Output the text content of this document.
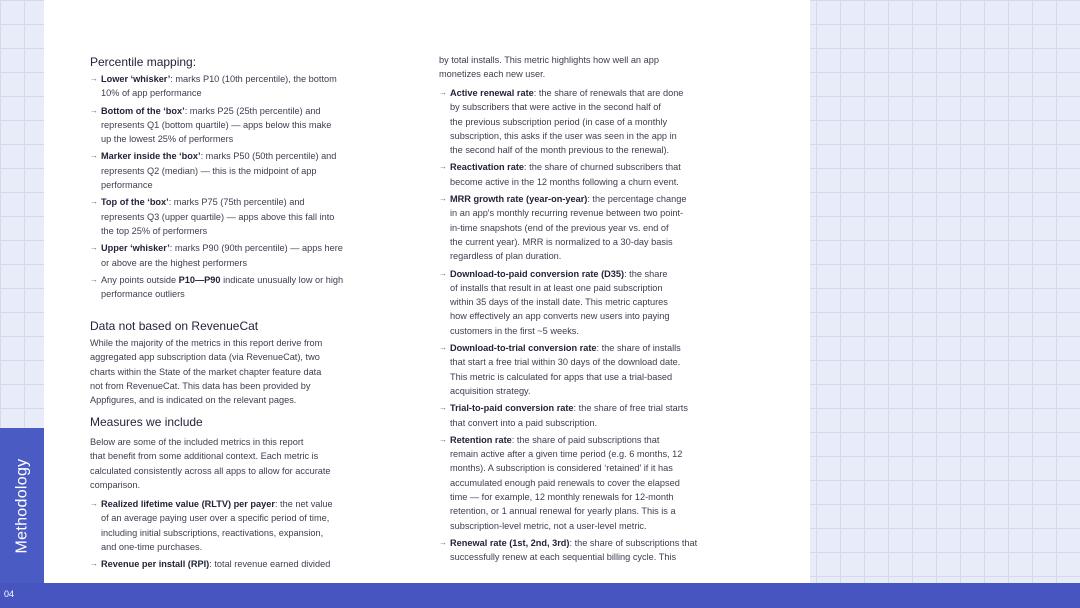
Percentile mapping:

→ Lower ‘whisker’: marks P10 (10th percentile), the bottom
10% of app performance
→ Bottom of the ‘box’: marks P25 (25th percentile) and
represents Q1 (bottom quartile) — apps below this make
up the lowest 25% of performers
→ Marker inside the ‘box’: marks P50 (50th percentile) and
represents Q2 (median) — this is the midpoint of app
performance
→ Top of the ‘box’: marks P75 (75th percentile) and
represents Q3 (upper quartile) — apps above this fall into
the top 25% of performers
→ Upper ‘whisker’: marks P90 (90th percentile) — apps here
or above are the highest performers
→ Any points outside P10—P90 indicate unusually low or high
performance outliers

Data not based on RevenueCat

While the majority of the metrics in this report derive from

aggregated app subscription data (via RevenueCat), two

charts within the State of the market chapter feature data

not from RevenueCat. This data has been provided by

Appfigures, and is indicated on the relevant pages.

Measures we include

Below are some of the included metrics in this report

that benefit from some additional context. Each metric is

calculated consistently across all apps to allow for accurate

comparison.

→ Realized lifetime value (RLTV) per payer: the net value
of an average paying user over a specific period of time,
including initial subscriptions, reactivations, expansion,
and one-time purchases.
→ Revenue per install (RPI): total revenue earned divided
by total installs. This metric highlights how well an app
monetizes each new user.
→ Active renewal rate: the share of renewals that are done
by subscribers that were active in the second half of
the previous subscription period (in case of a monthly
subscription, this asks if the user was seen in the app in
the second half of the month previous to the renewal).
→ Reactivation rate: the share of churned subscribers that
become active in the 12 months following a churn event.
→ MRR growth rate (year-on-year): the percentage change
in an app's monthly recurring revenue between two point-
in-time snapshots (end of the previous year vs. end of
the current year). MRR is normalized to a 30-day basis
regardless of plan duration.
→ Download-to-paid conversion rate (D35): the share
of installs that result in at least one paid subscription
within 35 days of the install date. This metric captures
how effectively an app converts new users into paying
customers in the first ~5 weeks.
→ Download-to-trial conversion rate: the share of installs
that start a free trial within 30 days of the download date.
This metric is calculated for apps that use a trial-based
acquisition strategy.
→ Trial-to-paid conversion rate: the share of free trial starts
that convert into a paid subscription.
→ Retention rate: the share of paid subscriptions that
remain active after a given time period (e.g. 6 months, 12
months). A subscription is considered ‘retained’ if it has
accumulated enough paid renewals to cover the elapsed
time — for example, 12 monthly renewals for 12-month
retention, or 1 annual renewal for yearly plans. This is a
subscription-level metric, not a user-level metric.
→ Renewal rate (1st, 2nd, 3rd): the share of subscriptions that
successfully renew at each sequential billing cycle. This
Methodology
04
